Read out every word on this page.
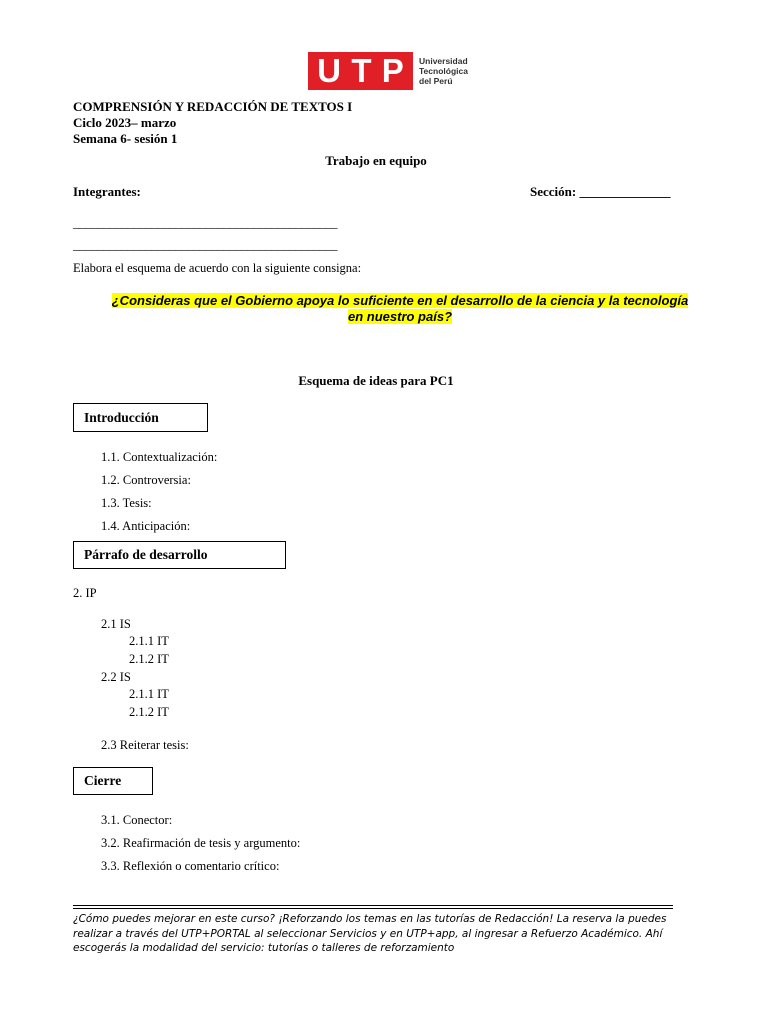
U T P Universidad
Tecnológica
del Perú
COMPRENSIÓN Y REDACCIÓN DE TEXTOS I
Ciclo 2023– marzo
Semana 6- sesión 1
Trabajo en equipo
Integrantes:	Sección: ______________
____________________________________________
____________________________________________
Elabora el esquema de acuerdo con la siguiente consigna:
¿Consideras que el Gobierno apoya lo suficiente en el desarrollo de la ciencia y la tecnología en nuestro país?
Esquema de ideas para PC1
Introducción
1.1. Contextualización:
1.2. Controversia:
1.3. Tesis:
1.4. Anticipación:
Párrafo de desarrollo
2. IP
2.1 IS
2.1.1 IT
2.1.2 IT
2.2 IS
2.1.1 IT
2.1.2 IT
2.3 Reiterar tesis:
Cierre
3.1. Conector:
3.2. Reafirmación de tesis y argumento:
3.3. Reflexión o comentario crítico:
¿Cómo puedes mejorar en este curso? ¡Reforzando los temas en las tutorías de Redacción! La reserva la puedes realizar a través del UTP+PORTAL al seleccionar Servicios y en UTP+app, al ingresar a Refuerzo Académico. Ahí escogerás la modalidad del servicio: tutorías o talleres de reforzamiento
